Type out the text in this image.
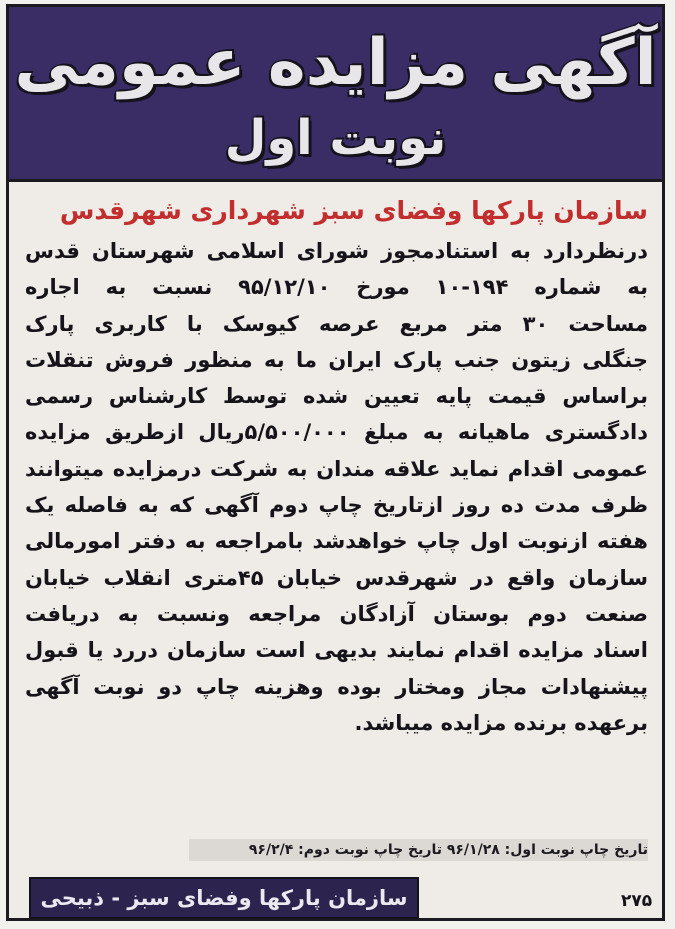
آگهی مزایده عمومی
نوبت اول
سازمان پارکها وفضای سبز شهرداری شهرقدس
درنظردارد به استنادمجوز شورای اسلامی شهرستان قدس
به شماره ۱۹۴-۱۰ مورخ ۹۵/۱۲/۱۰ نسبت به اجاره
مساحت ۳۰ متر مربع عرصه کیوسک با کاربری پارک
جنگلی زیتون جنب پارک ایران ما به منظور فروش تنقلات
براساس قیمت پایه تعیین شده توسط کارشناس رسمی
دادگستری ماهیانه به مبلغ ۵/۵۰۰/۰۰۰ریال ازطریق مزایده
عمومی اقدام نماید علاقه مندان به شرکت درمزایده میتوانند
ظرف مدت ده روز ازتاریخ چاپ دوم آگهی که به فاصله یک
هفته ازنوبت اول چاپ خواهدشد بامراجعه به دفتر امورمالی
سازمان واقع در شهرقدس خیابان ۴۵متری انقلاب خیابان
صنعت دوم بوستان آزادگان مراجعه ونسبت به دریافت
اسناد مزایده اقدام نمایند بدیهی است سازمان دررد یا قبول
پیشنهادات مجاز ومختار بوده وهزینه چاپ دو نوبت آگهی
برعهده برنده مزایده میباشد.
تاریخ چاپ نوبت اول: ۹۶/۱/۲۸ تاریخ چاپ نوبت دوم: ۹۶/۲/۴
سازمان پارکها وفضای سبز - ذبیحی	۲۷۵
